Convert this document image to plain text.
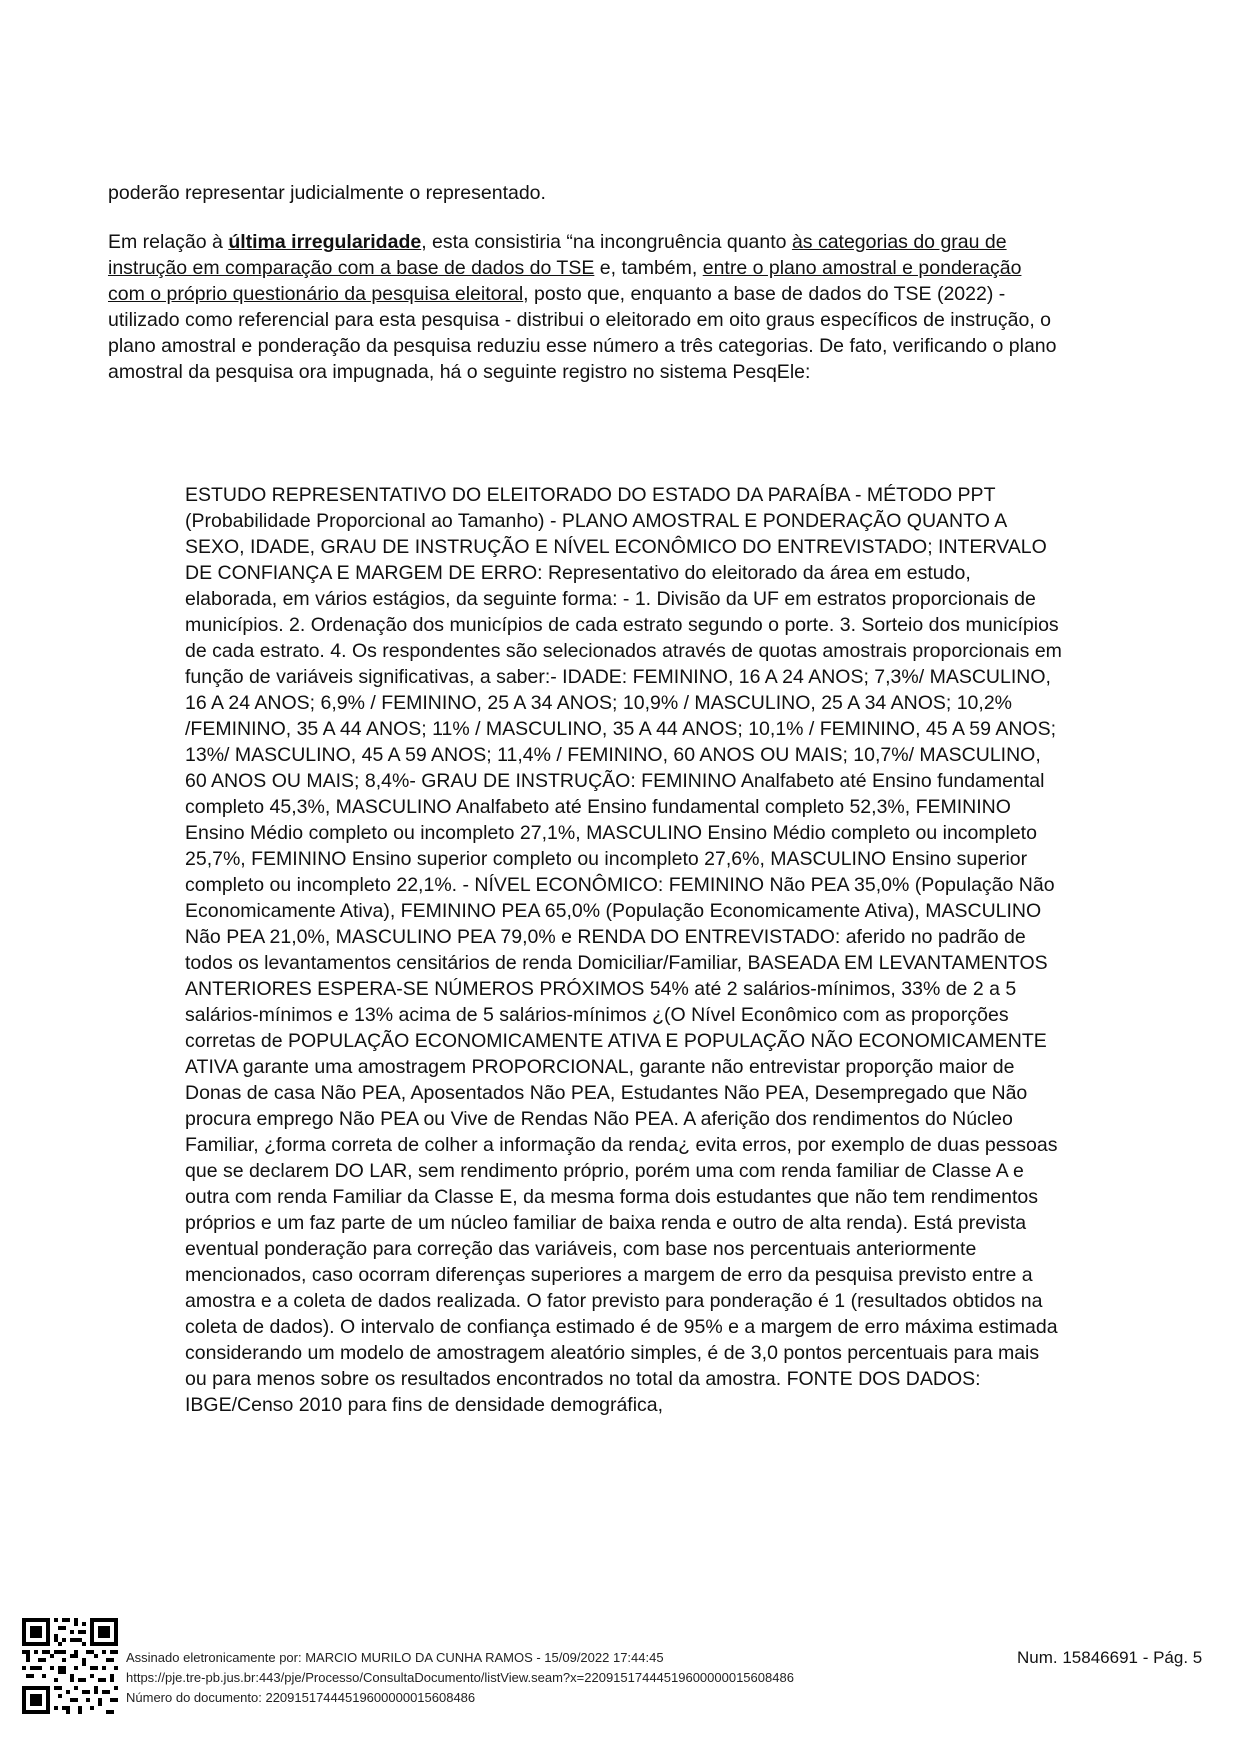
poderão representar judicialmente o representado.

Em relação à última irregularidade, esta consistiria “na incongruência quanto às categorias do grau de instrução em comparação com a base de dados do TSE e, também, entre o plano amostral e ponderação com o próprio questionário da pesquisa eleitoral, posto que, enquanto a base de dados do TSE (2022) - utilizado como referencial para esta pesquisa - distribui o eleitorado em oito graus específicos de instrução, o plano amostral e ponderação da pesquisa reduziu esse número a três categorias. De fato, verificando o plano amostral da pesquisa ora impugnada, há o seguinte registro no sistema PesqEle:

ESTUDO REPRESENTATIVO DO ELEITORADO DO ESTADO DA PARAÍBA - MÉTODO PPT (Probabilidade Proporcional ao Tamanho) - PLANO AMOSTRAL E PONDERAÇÃO QUANTO A SEXO, IDADE, GRAU DE INSTRUÇÃO E NÍVEL ECONÔMICO DO ENTREVISTADO; INTERVALO DE CONFIANÇA E MARGEM DE ERRO: Representativo do eleitorado da área em estudo, elaborada, em vários estágios, da seguinte forma: - 1. Divisão da UF em estratos proporcionais de municípios. 2. Ordenação dos municípios de cada estrato segundo o porte. 3. Sorteio dos municípios de cada estrato. 4. Os respondentes são selecionados através de quotas amostrais proporcionais em função de variáveis significativas, a saber:- IDADE: FEMININO, 16 A 24 ANOS; 7,3%/ MASCULINO, 16 A 24 ANOS; 6,9% / FEMININO, 25 A 34 ANOS; 10,9% / MASCULINO, 25 A 34 ANOS; 10,2% /FEMININO, 35 A 44 ANOS; 11% / MASCULINO, 35 A 44 ANOS; 10,1% / FEMININO, 45 A 59 ANOS; 13%/ MASCULINO, 45 A 59 ANOS; 11,4% / FEMININO, 60 ANOS OU MAIS; 10,7%/ MASCULINO, 60 ANOS OU MAIS; 8,4%- GRAU DE INSTRUÇÃO: FEMININO Analfabeto até Ensino fundamental completo 45,3%, MASCULINO Analfabeto até Ensino fundamental completo 52,3%, FEMININO Ensino Médio completo ou incompleto 27,1%, MASCULINO Ensino Médio completo ou incompleto 25,7%, FEMININO Ensino superior completo ou incompleto 27,6%, MASCULINO Ensino superior completo ou incompleto 22,1%. - NÍVEL ECONÔMICO: FEMININO Não PEA 35,0% (População Não Economicamente Ativa), FEMININO PEA 65,0% (População Economicamente Ativa), MASCULINO Não PEA 21,0%, MASCULINO PEA 79,0% e RENDA DO ENTREVISTADO: aferido no padrão de todos os levantamentos censitários de renda Domiciliar/Familiar, BASEADA EM LEVANTAMENTOS ANTERIORES ESPERA-SE NÚMEROS PRÓXIMOS 54% até 2 salários-mínimos, 33% de 2 a 5 salários-mínimos e 13% acima de 5 salários-mínimos ¿(O Nível Econômico com as proporções corretas de POPULAÇÃO ECONOMICAMENTE ATIVA E POPULAÇÃO NÃO ECONOMICAMENTE ATIVA garante uma amostragem PROPORCIONAL, garante não entrevistar proporção maior de Donas de casa Não PEA, Aposentados Não PEA, Estudantes Não PEA, Desempregado que Não procura emprego Não PEA ou Vive de Rendas Não PEA. A aferição dos rendimentos do Núcleo Familiar, ¿forma correta de colher a informação da renda¿ evita erros, por exemplo de duas pessoas que se declarem DO LAR, sem rendimento próprio, porém uma com renda familiar de Classe A e outra com renda Familiar da Classe E, da mesma forma dois estudantes que não tem rendimentos próprios e um faz parte de um núcleo familiar de baixa renda e outro de alta renda). Está prevista eventual ponderação para correção das variáveis, com base nos percentuais anteriormente mencionados, caso ocorram diferenças superiores a margem de erro da pesquisa previsto entre a amostra e a coleta de dados realizada. O fator previsto para ponderação é 1 (resultados obtidos na coleta de dados). O intervalo de confiança estimado é de 95% e a margem de erro máxima estimada considerando um modelo de amostragem aleatório simples, é de 3,0 pontos percentuais para mais ou para menos sobre os resultados encontrados no total da amostra. FONTE DOS DADOS: IBGE/Censo 2010 para fins de densidade demográfica,

Assinado eletronicamente por: MARCIO MURILO DA CUNHA RAMOS - 15/09/2022 17:44:45
https://pje.tre-pb.jus.br:443/pje/Processo/ConsultaDocumento/listView.seam?x=22091517444519600000015608486
Número do documento: 22091517444519600000015608486
Num. 15846691 - Pág. 5
